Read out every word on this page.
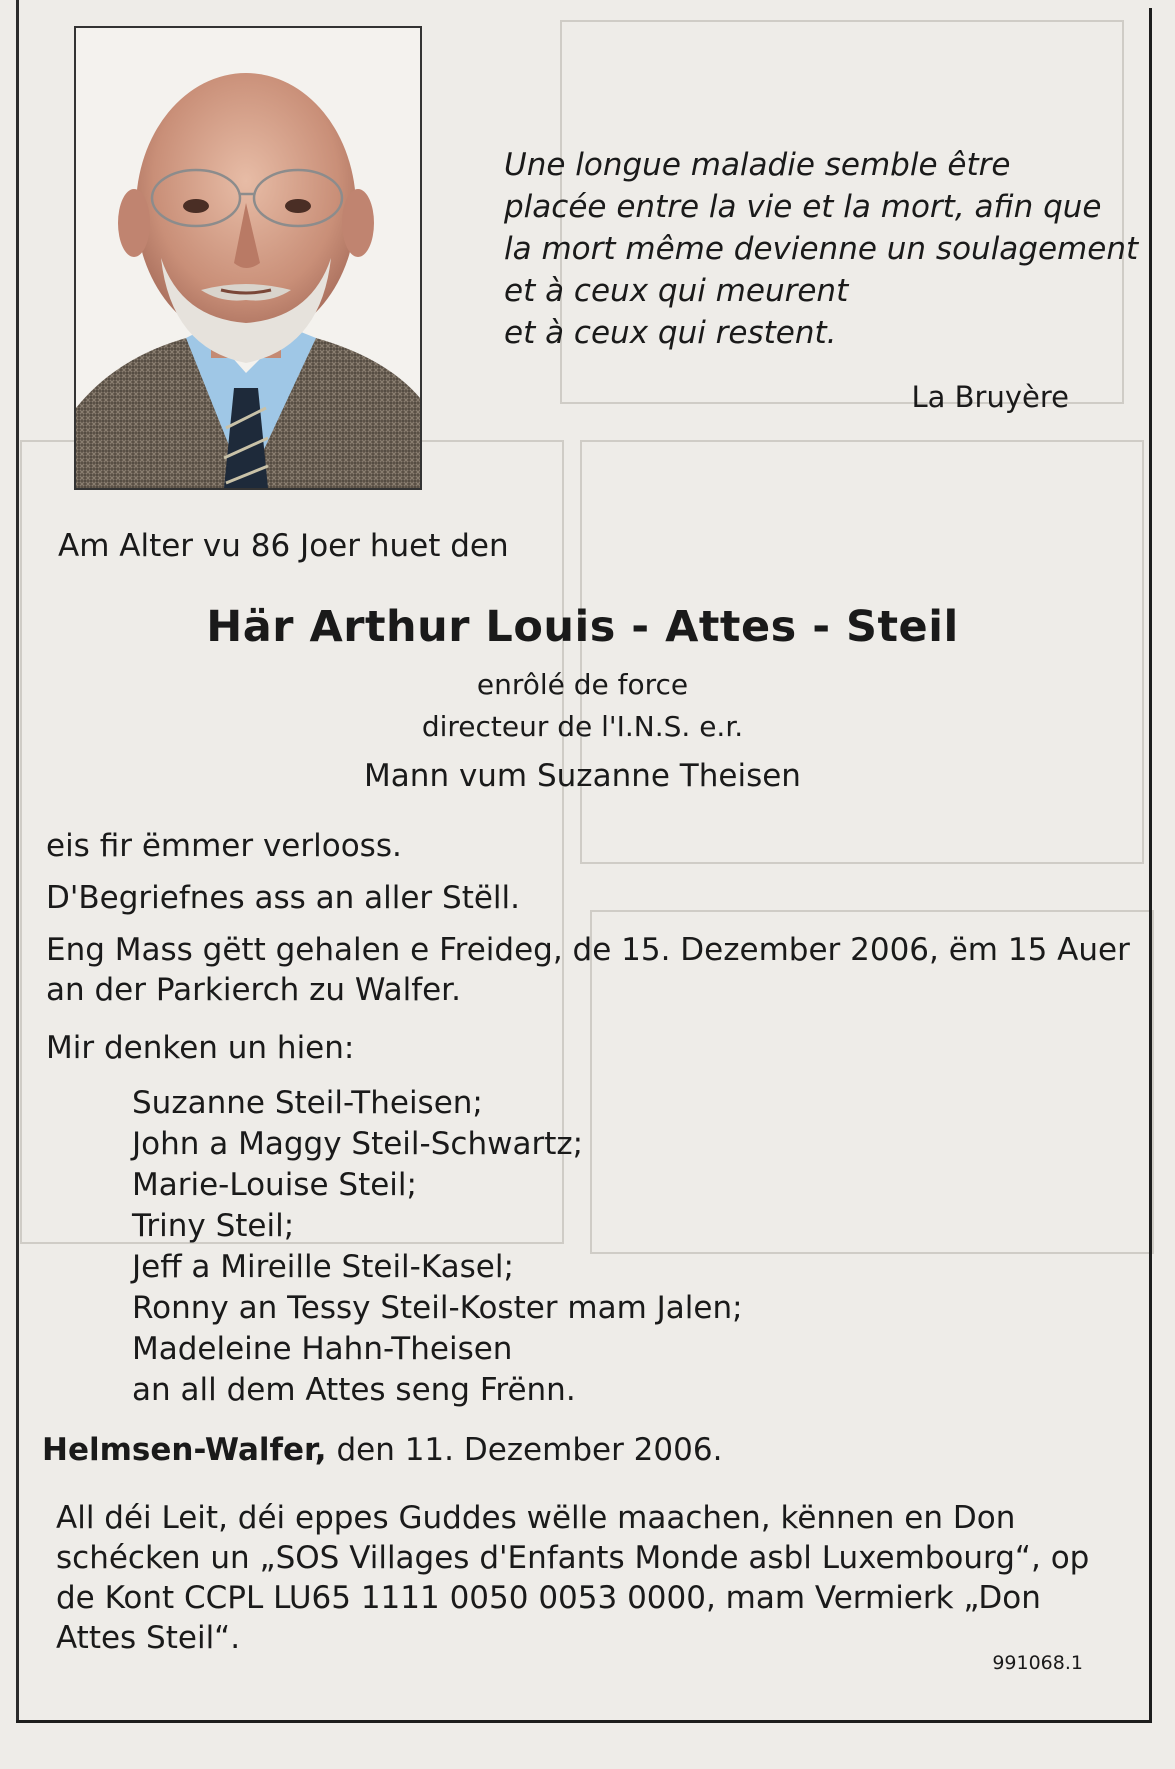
Une longue maladie semble être
placée entre la vie et la mort, afin que
la mort même devienne un soulagement
et à ceux qui meurent
et à ceux qui restent.
La Bruyère
Am Alter vu 86 Joer huet den
Här Arthur Louis - Attes - Steil
enrôlé de force
directeur de l'I.N.S. e.r.
Mann vum Suzanne Theisen
eis fir ëmmer verlooss.
D'Begriefnes ass an aller Stëll.
Eng Mass gëtt gehalen e Freideg, de 15. Dezember 2006, ëm 15 Auer
an der Parkierch zu Walfer.
Mir denken un hien:
Suzanne Steil-Theisen;
John a Maggy Steil-Schwartz;
Marie-Louise Steil;
Triny Steil;
Jeff a Mireille Steil-Kasel;
Ronny an Tessy Steil-Koster mam Jalen;
Madeleine Hahn-Theisen
an all dem Attes seng Frënn.
Helmsen-Walfer, den 11. Dezember 2006.
All déi Leit, déi eppes Guddes wëlle maachen, kënnen en Don
schécken un „SOS Villages d'Enfants Monde asbl Luxembourg“, op
de Kont CCPL LU65 1111 0050 0053 0000, mam Vermierk „Don
Attes Steil“.
991068.1
